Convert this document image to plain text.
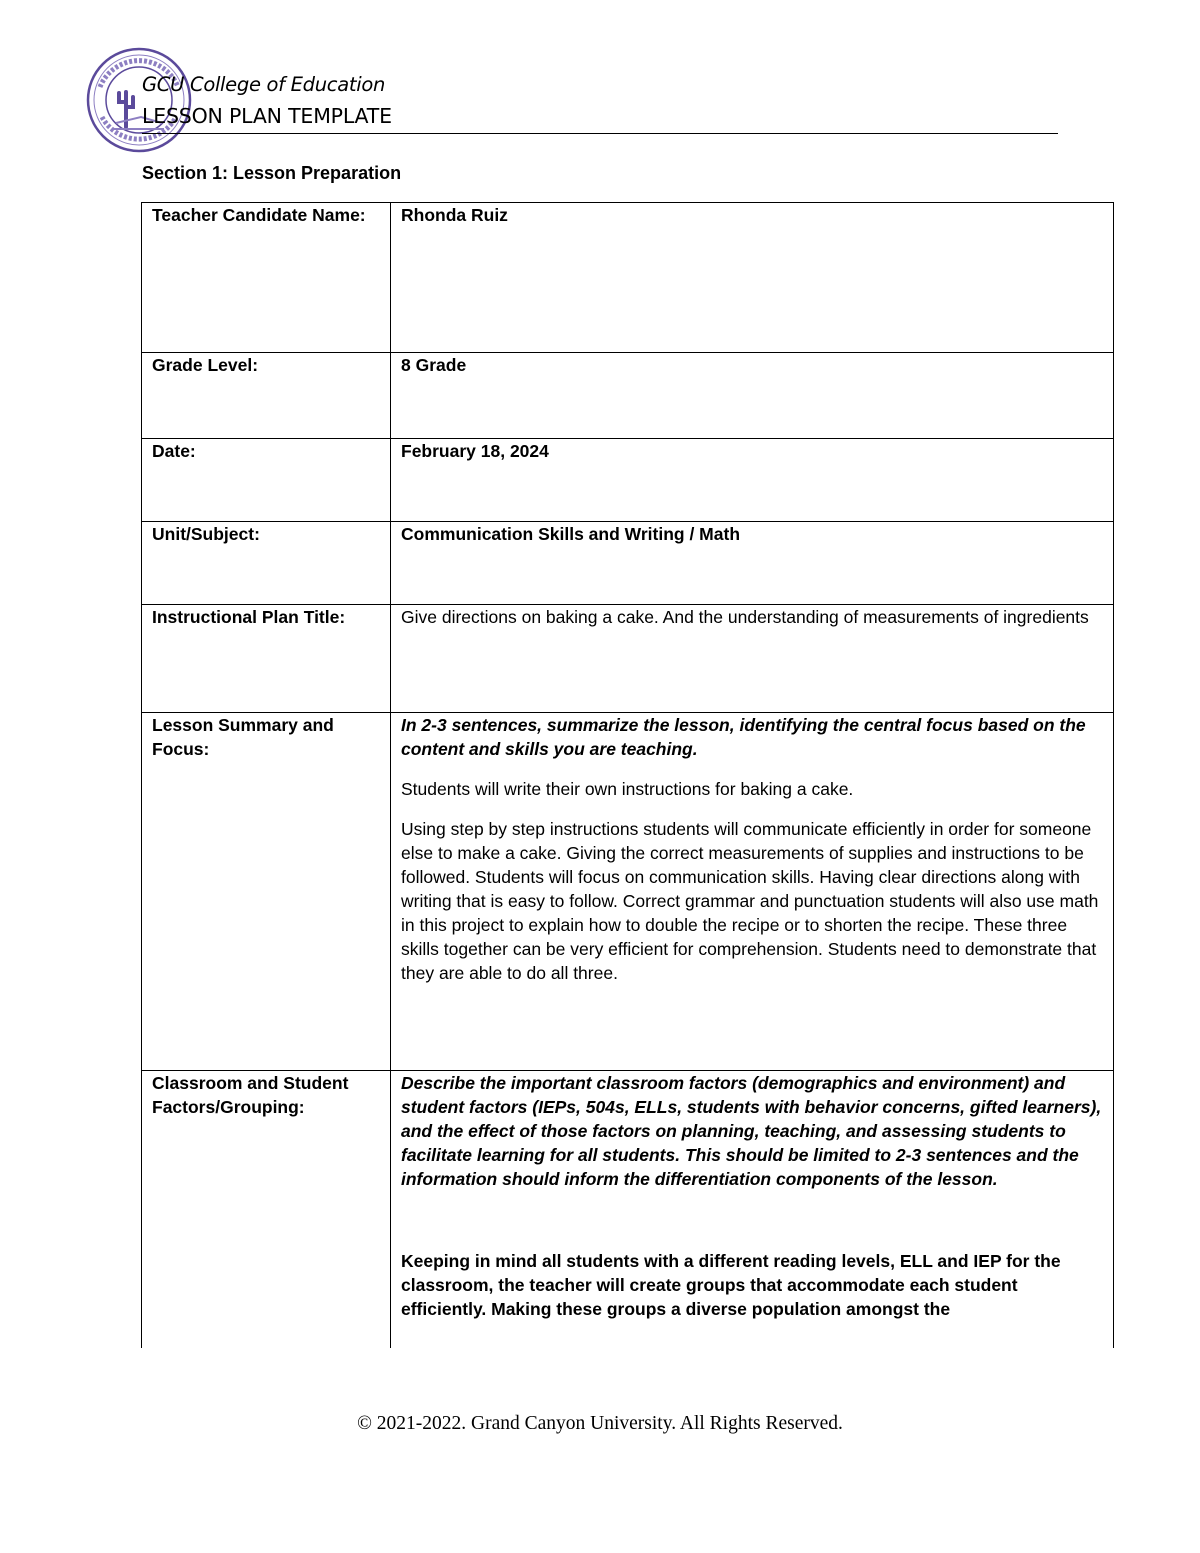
GCU College of Education
LESSON PLAN TEMPLATE
Section 1: Lesson Preparation
Teacher Candidate Name:	Rhonda Ruiz
Grade Level:	8 Grade
Date:	February 18, 2024
Unit/Subject:	Communication Skills and Writing / Math
Instructional Plan Title:	Give directions on baking a cake. And the understanding of measurements of ingredients
Lesson Summary and Focus:	In 2-3 sentences, summarize the lesson, identifying the central focus based on the content and skills you are teaching.

Students will write their own instructions for baking a cake.

Using step by step instructions students will communicate efficiently in order for someone else to make a cake. Giving the correct measurements of supplies and instructions to be followed. Students will focus on communication skills. Having clear directions along with writing that is easy to follow. Correct grammar and punctuation students will also use math in this project to explain how to double the recipe or to shorten the recipe. These three skills together can be very efficient for comprehension. Students need to demonstrate that they are able to do all three.

Classroom and Student Factors/Grouping:	Describe the important classroom factors (demographics and environment) and student factors (IEPs, 504s, ELLs, students with behavior concerns, gifted learners), and the effect of those factors on planning, teaching, and assessing students to facilitate learning for all students. This should be limited to 2-3 sentences and the information should inform the differentiation components of the lesson.

Keeping in mind all students with a different reading levels, ELL and IEP for the classroom, the teacher will create groups that accommodate each student efficiently. Making these groups a diverse population amongst the

© 2021-2022. Grand Canyon University. All Rights Reserved.
